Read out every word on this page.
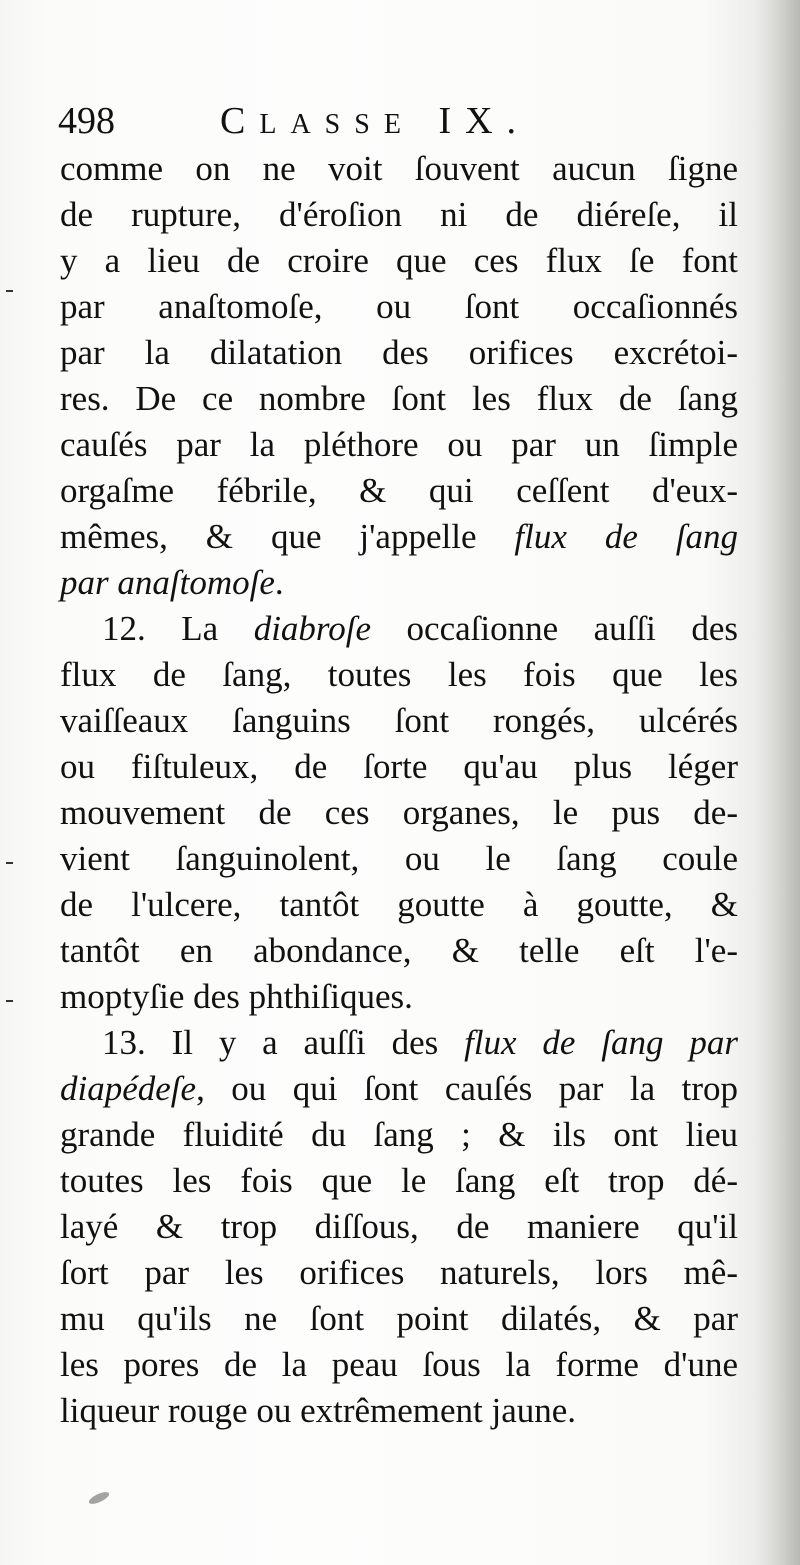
498	CLASSE IX.
comme on ne voit ſouvent aucun ſigne
de rupture, d'éroſion ni de diéreſe, il
y a lieu de croire que ces flux ſe font
par anaſtomoſe, ou ſont occaſionnés
par la dilatation des orifices excrétoi-
res. De ce nombre ſont les flux de ſang
cauſés par la pléthore ou par un ſimple
orgaſme fébrile, & qui ceſſent d'eux-
mêmes, & que j'appelle flux de ſang
par anaſtomoſe.
12. La diabroſe occaſionne auſſi des
flux de ſang, toutes les fois que les
vaiſſeaux ſanguins ſont rongés, ulcérés
ou fiſtuleux, de ſorte qu'au plus léger
mouvement de ces organes, le pus de-
vient ſanguinolent, ou le ſang coule
de l'ulcere, tantôt goutte à goutte, &
tantôt en abondance, & telle eſt l'e-
moptyſie des phthiſiques.
13. Il y a auſſi des flux de ſang par
diapédeſe, ou qui ſont cauſés par la trop
grande fluidité du ſang ; & ils ont lieu
toutes les fois que le ſang eſt trop dé-
layé & trop diſſous, de maniere qu'il
ſort par les orifices naturels, lors mê-
mu qu'ils ne ſont point dilatés, & par
les pores de la peau ſous la forme d'une
liqueur rouge ou extrêmement jaune.
